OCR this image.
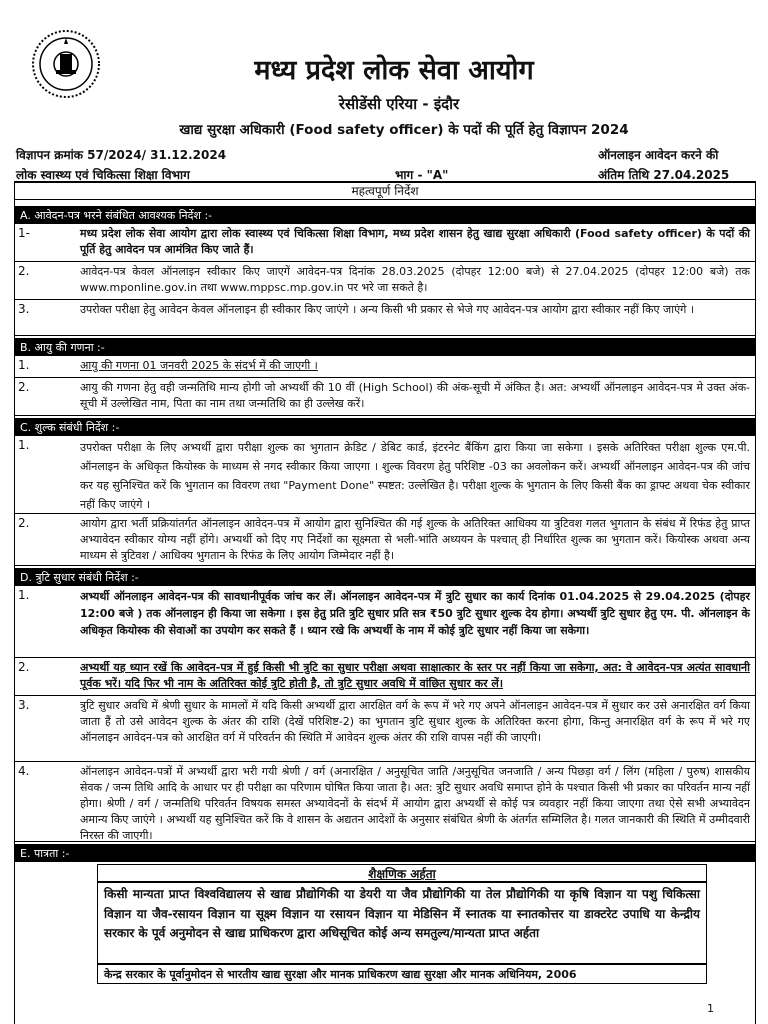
मध्य प्रदेश लोक सेवा आयोग
रेसीडेंसी एरिया - इंदौर
खाद्य सुरक्षा अधिकारी (Food safety officer) के पदों की पूर्ति हेतु विज्ञापन 2024
विज्ञापन क्रमांक 57/2024/ 31.12.2024
लोक स्वास्थ्य एवं चिकित्सा शिक्षा विभाग	भाग - "A"
ऑनलाइन आवेदन करने की
अंतिम तिथि 27.04.2025
महत्वपूर्ण निर्देश
A. आवेदन-पत्र भरने संबंधित आवश्यक निर्देश :-
1-	मध्य प्रदेश लोक सेवा आयोग द्वारा लोक स्वास्थ्य एवं चिकित्सा शिक्षा विभाग, मध्य प्रदेश शासन हेतु खाद्य सुरक्षा अधिकारी (Food safety officer) के पदों की पूर्ति हेतु आवेदन पत्र आमंत्रित किए जाते हैं।
2.	आवेदन-पत्र केवल ऑनलाइन स्वीकार किए जाएगें आवेदन-पत्र दिनांक 28.03.2025 (दोपहर 12:00 बजे) से 27.04.2025 (दोपहर 12:00 बजे) तक www.mponline.gov.in तथा www.mppsc.mp.gov.in पर भरे जा सकते है।
3.	उपरोक्त परीक्षा हेतु आवेदन केवल ऑनलाइन ही स्वीकार किए जाएंगे । अन्य किसी भी प्रकार से भेजे गए आवेदन-पत्र आयोग द्वारा स्वीकार नहीं किए जाएंगे ।
B. आयु की गणना :-
1.	आयु की गणना 01 जनवरी 2025 के संदर्भ में की जाएगी ।
2.	आयु की गणना हेतु वही जन्मतिथि मान्य होगी जो अभ्यर्थी की 10 वीं (High School) की अंक-सूची में अंकित है। अत: अभ्यर्थी ऑनलाइन आवेदन-पत्र मे उक्त अंक-सूची में उल्लेखित नाम, पिता का नाम तथा जन्मतिथि का ही उल्लेख करें।
C. शुल्क संबंधी निर्देश :-
1.	उपरोक्त परीक्षा के लिए अभ्यर्थी द्वारा परीक्षा शुल्क का भुगतान क्रेडिट / डेबिट कार्ड, इंटरनेट बैंकिंग द्वारा किया जा सकेगा । इसके अतिरिक्त परीक्षा शुल्क एम.पी. ऑनलाइन के अधिकृत कियोस्क के माध्यम से नगद स्वीकार किया जाएगा । शुल्क विवरण हेतु परिशिष्ट -03 का अवलोकन करें। अभ्यर्थी ऑनलाइन आवेदन-पत्र की जांच कर यह सुनिश्चित करें कि भुगतान का विवरण तथा "Payment Done" स्पष्टत: उल्लेखित है। परीक्षा शुल्क के भुगतान के लिए किसी बैंक का ड्राफ्ट अथवा चेक स्वीकार नहीं किए जाएंगे ।
2.	आयोग द्वारा भर्ती प्रक्रियांतर्गत ऑनलाइन आवेदन-पत्र में आयोग द्वारा सुनिश्चित की गई शुल्क के अतिरिक्त आधिक्य या त्रुटिवश गलत भुगतान के संबंध में रिफंड हेतु प्राप्त अभ्यावेदन स्वीकार योग्य नहीं होंगे। अभ्यर्थी को दिए गए निर्देशों का सूक्ष्मता से भली-भांति अध्ययन के पश्चात् ही निर्धारित शुल्क का भुगतान करें। कियोस्क अथवा अन्य माध्यम से त्रुटिवश / आधिक्य भुगतान के रिफंड के लिए आयोग जिम्मेदार नहीं है।
D. त्रुटि सुधार संबंधी निर्देश :-
1.	अभ्यर्थी ऑनलाइन आवेदन-पत्र की सावधानीपूर्वक जांच कर लें। ऑनलाइन आवेदन-पत्र में त्रुटि सुधार का कार्य दिनांक 01.04.2025 से 29.04.2025 (दोपहर 12:00 बजे ) तक ऑनलाइन ही किया जा सकेगा । इस हेतु प्रति त्रुटि सुधार प्रति सत्र ₹50 त्रुटि सुधार शुल्क देय होगा। अभ्यर्थी त्रुटि सुधार हेतु एम. पी. ऑनलाइन के अधिकृत कियोस्क की सेवाओं का उपयोग कर सकते हैं । ध्यान रखे कि अभ्यर्थी के नाम में कोई त्रुटि सुधार नहीं किया जा सकेगा।
2.	अभ्यर्थी यह ध्यान रखें कि आवेदन-पत्र में हुई किसी भी त्रुटि का सुधार परीक्षा अथवा साक्षात्कार के स्तर पर नहीं किया जा सकेगा, अत: वे आवेदन-पत्र अत्यंत सावधानी पूर्वक भरें। यदि फिर भी नाम के अतिरिक्त कोई त्रुटि होती है, तो त्रुटि सुधार अवधि में वांछित सुधार कर लें।
3.	त्रुटि सुधार अवधि में श्रेणी सुधार के मामलों में यदि किसी अभ्यर्थी द्वारा आरक्षित वर्ग के रूप में भरे गए अपने ऑनलाइन आवेदन-पत्र में सुधार कर उसे अनारक्षित वर्ग किया जाता हैं तो उसे आवेदन शुल्क के अंतर की राशि (देखें परिशिष्ट-2) का भुगतान त्रुटि सुधार शुल्क के अतिरिक्त करना होगा, किन्तु अनारक्षित वर्ग के रूप में भरे गए ऑनलाइन आवेदन-पत्र को आरक्षित वर्ग में परिवर्तन की स्थिति में आवेदन शुल्क अंतर की राशि वापस नहीं की जाएगी।
4.	ऑनलाइन आवेदन-पत्रों में अभ्यर्थी द्वारा भरी गयी श्रेणी / वर्ग (अनारक्षित / अनुसूचित जाति /अनुसूचित जनजाति / अन्य पिछड़ा वर्ग / लिंग (महिला / पुरुष) शासकीय सेवक / जन्म तिथि आदि के आधार पर ही परीक्षा का परिणाम घोषित किया जाता है। अत: त्रुटि सुधार अवधि समाप्त होने के पश्चात किसी भी प्रकार का परिवर्तन मान्य नहीं होगा। श्रेणी / वर्ग / जन्मतिथि परिवर्तन विषयक समस्त अभ्यावेदनों के संदर्भ में आयोग द्वारा अभ्यर्थी से कोई पत्र व्यवहार नहीं किया जाएगा तथा ऐसे सभी अभ्यावेदन अमान्य किए जाएंगे । अभ्यर्थी यह सुनिश्चित करें कि वे शासन के अद्यतन आदेशों के अनुसार संबंधित श्रेणी के अंतर्गत सम्मिलित है। गलत जानकारी की स्थिति में उम्मीदवारी निरस्त की जाएगी।
E. पात्रता :-
शैक्षणिक अर्हता
किसी मान्यता प्राप्त विश्वविद्यालय से खाद्य प्रौद्योगिकी या डेयरी या जैव प्रौद्योगिकी या तेल प्रौद्योगिकी या कृषि विज्ञान या पशु चिकित्सा विज्ञान या जैव-रसायन विज्ञान या सूक्ष्म विज्ञान या रसायन विज्ञान या मेडिसिन में स्नातक या स्नातकोत्तर या डाक्टरेट उपाधि या केन्द्रीय सरकार के पूर्व अनुमोदन से खाद्य प्राधिकरण द्वारा अधिसूचित कोई अन्य समतुल्य/मान्यता प्राप्त अर्हता
केन्द्र सरकार के पूर्वानुमोदन से भारतीय खाद्य सुरक्षा और मानक प्राधिकरण खाद्य सुरक्षा और मानक अधिनियम, 2006
1
